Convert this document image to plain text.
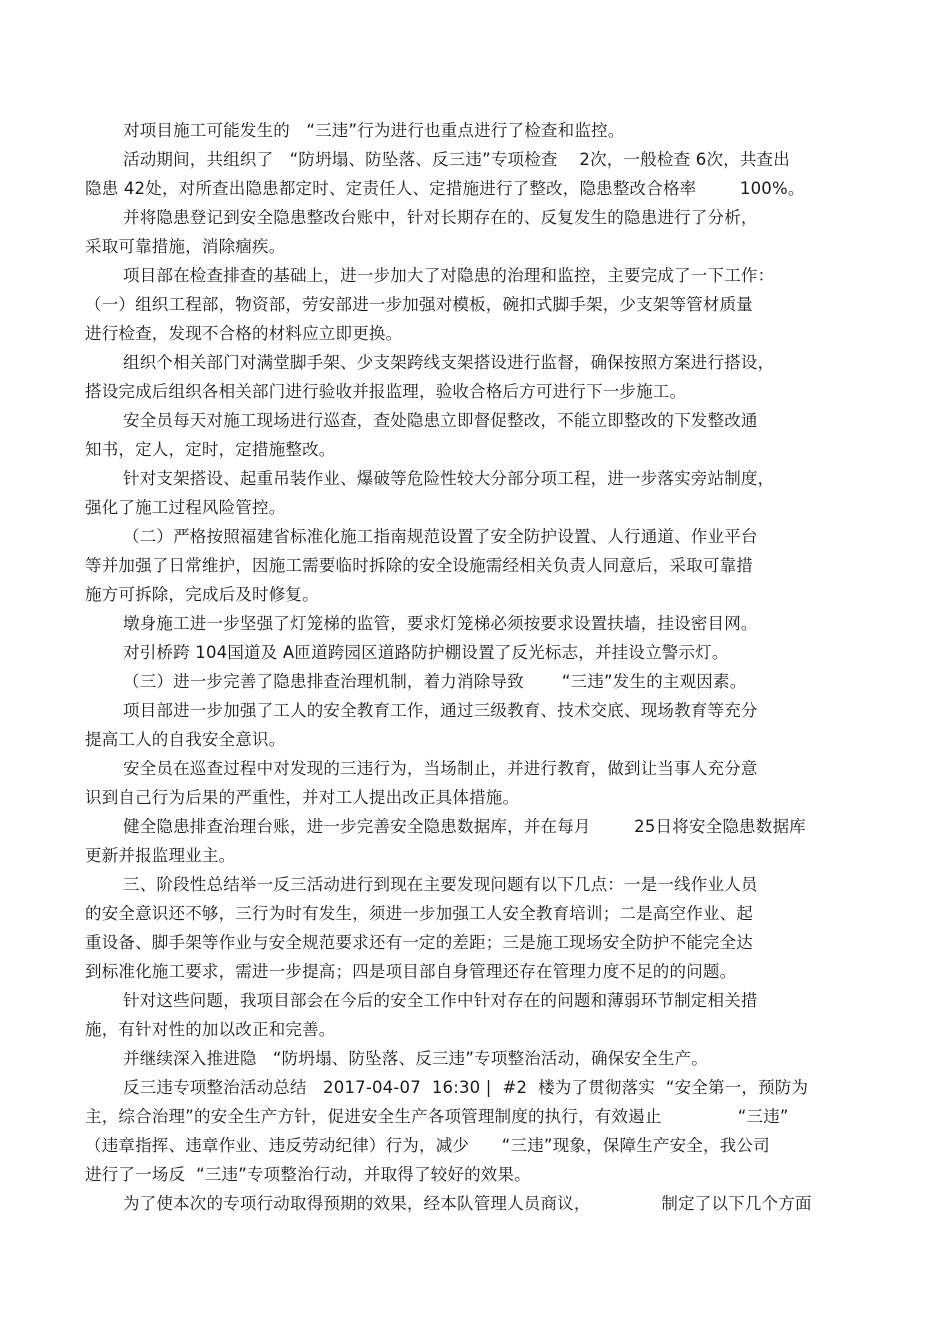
对项目施工可能发生的   “三违”行为进行也重点进行了检查和监控。
活动期间，共组织了   “防坍塌、防坠落、反三违”专项检查    2次，一般检查 6次，共查出
隐患 42处，对所查出隐患都定时、定责任人、定措施进行了整改，隐患整改合格率        100%。
并将隐患登记到安全隐患整改台账中，针对长期存在的、反复发生的隐患进行了分析，
采取可靠措施，消除痼疾。
项目部在检查排查的基础上，进一步加大了对隐患的治理和监控，主要完成了一下工作：
（一）组织工程部，物资部，劳安部进一步加强对模板，碗扣式脚手架，少支架等管材质量
进行检查，发现不合格的材料应立即更换。
组织个相关部门对满堂脚手架、少支架跨线支架搭设进行监督，确保按照方案进行搭设，
搭设完成后组织各相关部门进行验收并报监理，验收合格后方可进行下一步施工。
安全员每天对施工现场进行巡查，查处隐患立即督促整改，不能立即整改的下发整改通
知书，定人，定时，定措施整改。
针对支架搭设、起重吊装作业、爆破等危险性较大分部分项工程，进一步落实旁站制度，
强化了施工过程风险管控。
（二）严格按照福建省标准化施工指南规范设置了安全防护设置、人行通道、作业平台
等并加强了日常维护，因施工需要临时拆除的安全设施需经相关负责人同意后，采取可靠措
施方可拆除，完成后及时修复。
墩身施工进一步坚强了灯笼梯的监管，要求灯笼梯必须按要求设置扶墙，挂设密目网。
对引桥跨 104国道及 A匝道跨园区道路防护棚设置了反光标志，并挂设立警示灯。
（三）进一步完善了隐患排查治理机制，着力消除导致       “三违”发生的主观因素。
项目部进一步加强了工人的安全教育工作，通过三级教育、技术交底、现场教育等充分
提高工人的自我安全意识。
安全员在巡查过程中对发现的三违行为，当场制止，并进行教育，做到让当事人充分意
识到自己行为后果的严重性，并对工人提出改正具体措施。
健全隐患排查治理台账，进一步完善安全隐患数据库，并在每月        25日将安全隐患数据库
更新并报监理业主。
三、阶段性总结举一反三活动进行到现在主要发现问题有以下几点：一是一线作业人员
的安全意识还不够，三行为时有发生，须进一步加强工人安全教育培训；二是高空作业、起
重设备、脚手架等作业与安全规范要求还有一定的差距；三是施工现场安全防护不能完全达
到标准化施工要求，需进一步提高；四是项目部自身管理还存在管理力度不足的的问题。
针对这些问题，我项目部会在今后的安全工作中针对存在的问题和薄弱环节制定相关措
施，有针对性的加以改正和完善。
并继续深入推进隐   “防坍塌、防坠落、反三违”专项整治活动，确保安全生产。
反三违专项整治活动总结   2017-04-07  16:30 |  #2  楼为了贯彻落实  “安全第一，预防为
主，综合治理”的安全生产方针，促进安全生产各项管理制度的执行，有效遏止              “三违”
（违章指挥、违章作业、违反劳动纪律）行为，减少      “三违”现象，保障生产安全，我公司
进行了一场反  “三违”专项整治行动，并取得了较好的效果。
为了使本次的专项行动取得预期的效果，经本队管理人员商议，             制定了以下几个方面
